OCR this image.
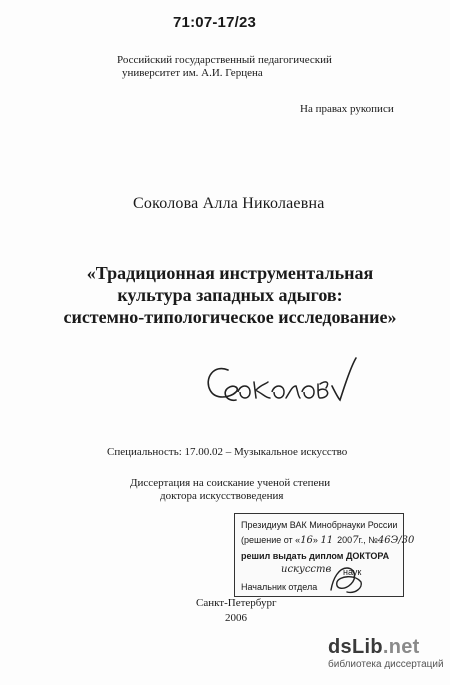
71:07-17/23
Российский государственный педагогический
университет им. А.И. Герцена
На правах рукописи
Соколова Алла Николаевна
«Традиционная инструментальная
культура западных адыгов:
системно-типологическое исследование»
Специальность: 17.00.02 – Музыкальное искусство
Диссертация на соискание ученой степени
доктора искусствоведения
Президиум ВАК Минобрнауки России
(решение от «16» 11 2007г., №46Э/30
решил выдать диплом ДОКТОРА
искусств наук
Начальник отдела
Санкт-Петербург
2006
dsLib.net
библиотека диссертаций
